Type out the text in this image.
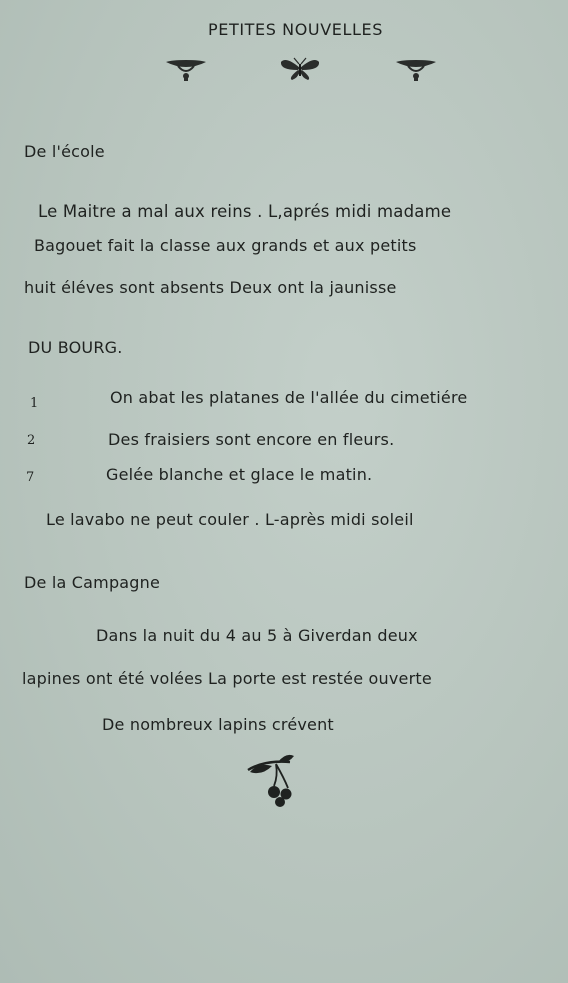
PETITES NOUVELLES
De l'école
Le Maitre a mal aux reins . L,aprés midi madame
Bagouet fait la classe aux grands et aux petits
huit éléves sont absents Deux ont la jaunisse
DU BOURG.
1	On abat les platanes de l'allée du cimetiére
2	Des fraisiers sont encore en fleurs.
7	Gelée blanche et glace le matin.
Le lavabo ne peut couler . L-après midi soleil
De la Campagne
Dans la nuit du 4 au 5 à Giverdan deux
lapines ont été volées La porte est restée ouverte
De nombreux lapins crévent
